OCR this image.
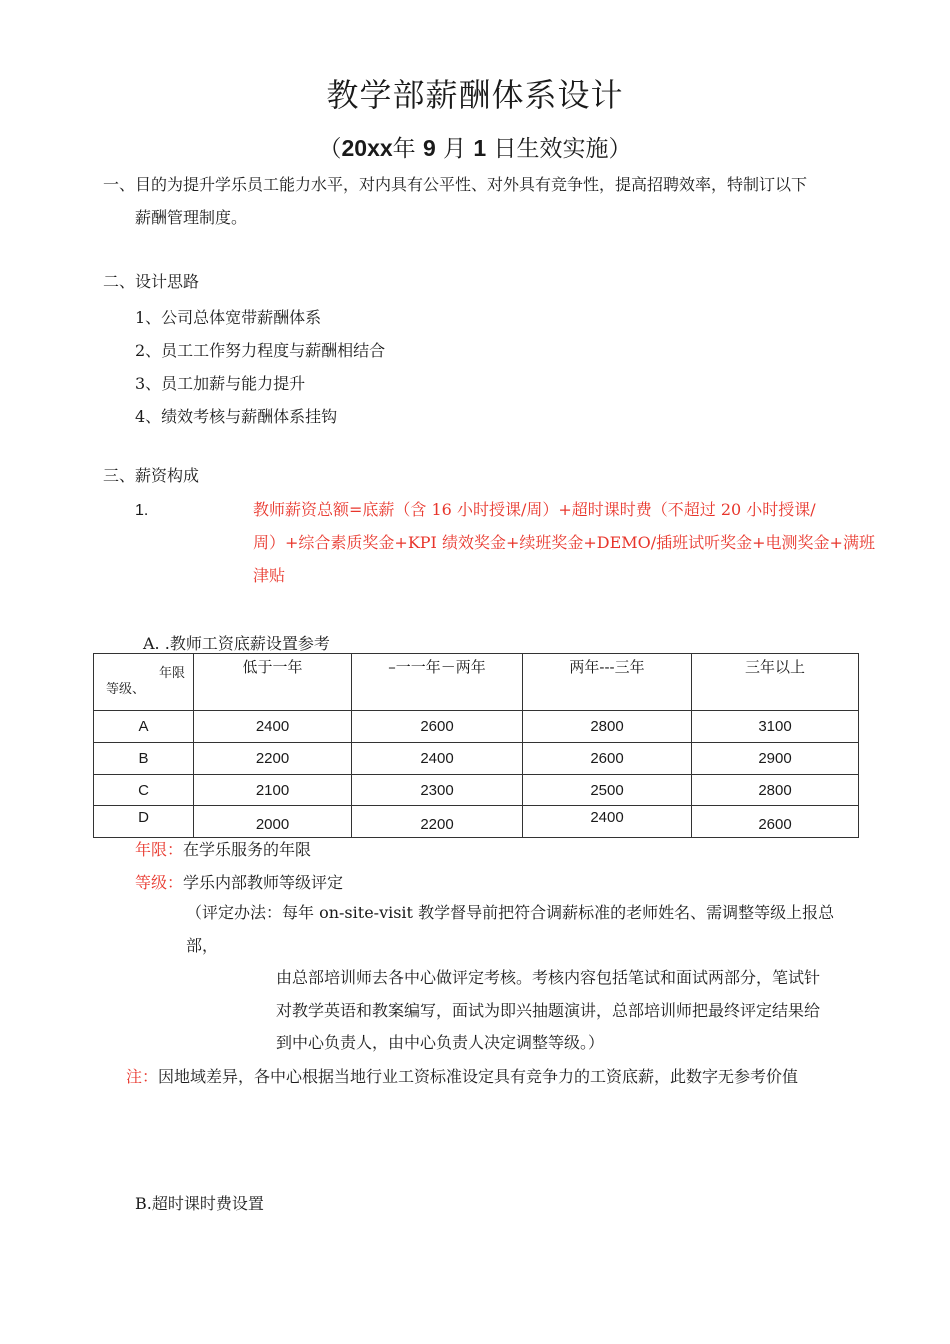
教学部薪酬体系设计
（20xx年 9 月 1 日生效实施）
一、目的为提升学乐员工能力水平，对内具有公平性、对外具有竞争性，提高招聘效率，特制订以下
薪酬管理制度。
二、设计思路
1、公司总体宽带薪酬体系
2、员工工作努力程度与薪酬相结合
3、员工加薪与能力提升
4、绩效考核与薪酬体系挂钩
三、薪资构成
1.	教师薪资总额=底薪（含 16 小时授课/周）+超时课时费（不超过 20 小时授课/
周）+综合素质奖金+KPI 绩效奖金+续班奖金+DEMO/插班试听奖金+电测奖金+满班
津贴
A. .教师工资底薪设置参考
年限
等级、	低于一年	–一一年－两年	两年---三年	三年以上
A	2400	2600	2800	3100
B	2200	2400	2600	2900
C	2100	2300	2500	2800
D	2000	2200	2400	2600
年限：在学乐服务的年限
等级：学乐内部教师等级评定
（评定办法：每年 on-site-visit 教学督导前把符合调薪标准的老师姓名、需调整等级上报总
部，
由总部培训师去各中心做评定考核。考核内容包括笔试和面试两部分，笔试针
对教学英语和教案编写，面试为即兴抽题演讲，总部培训师把最终评定结果给
到中心负责人，由中心负责人决定调整等级。）
注：因地域差异，各中心根据当地行业工资标准设定具有竞争力的工资底薪，此数字无参考价值
B.超时课时费设置
